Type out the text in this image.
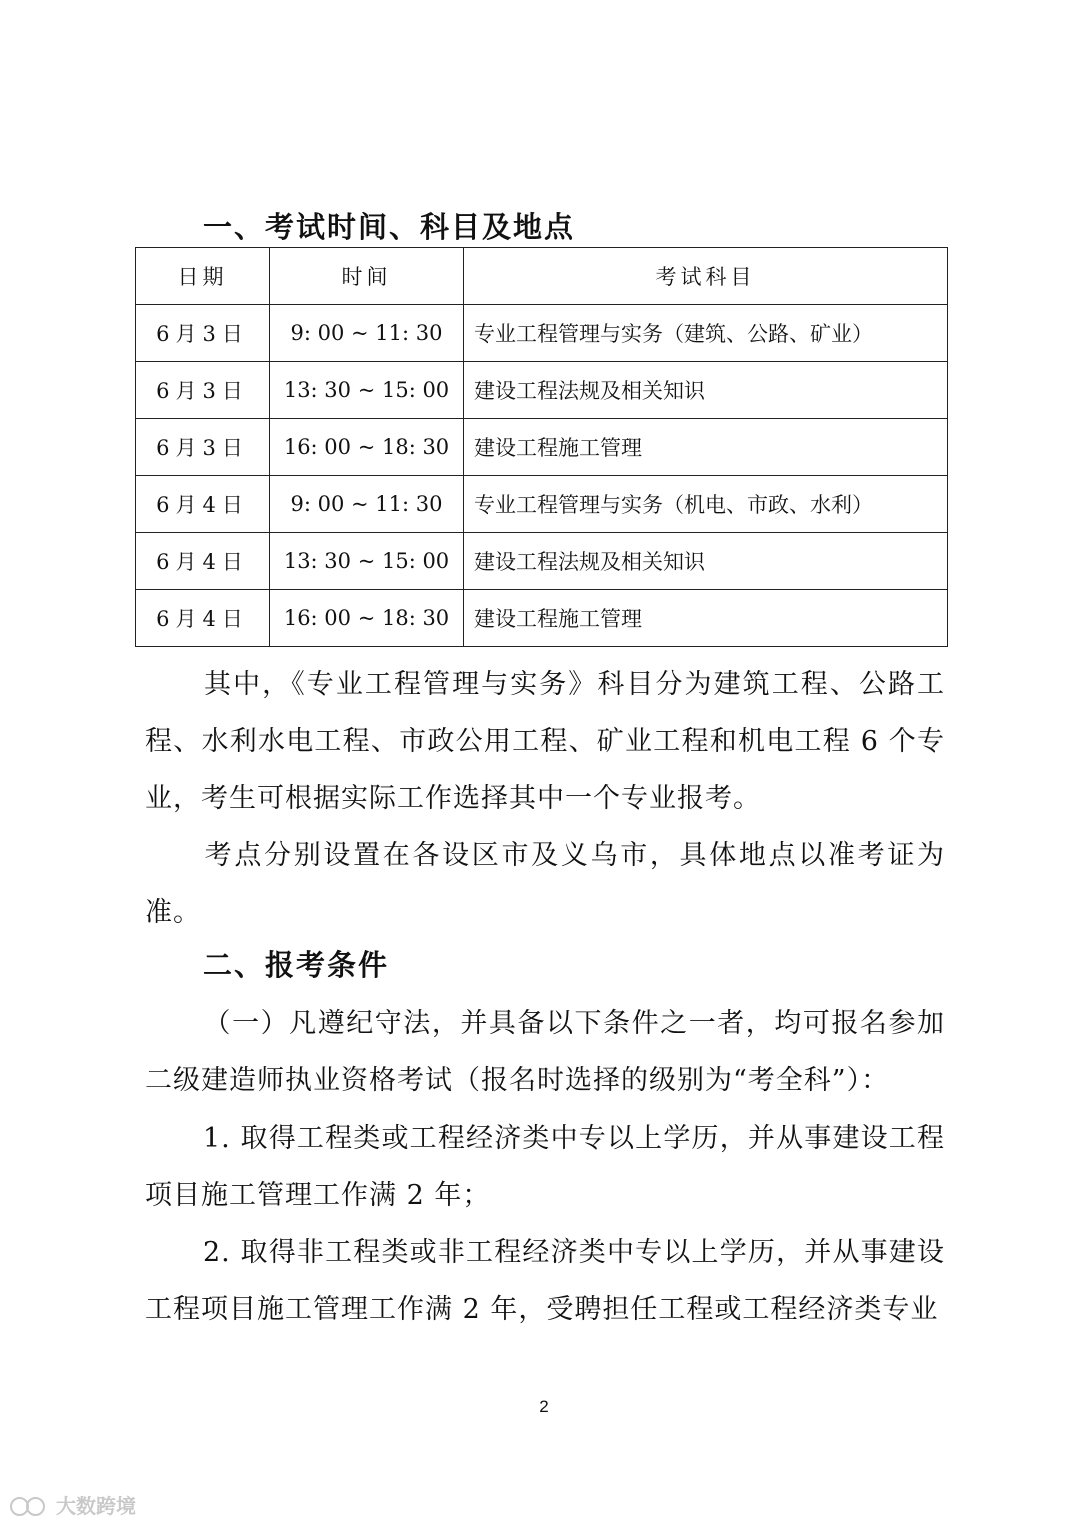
一、考试时间、科目及地点
日期	时间	考试科目
6月3日	9: 00 ~ 11: 30	专业工程管理与实务（建筑、公路、矿业）
6月3日	13: 30 ~ 15: 00	建设工程法规及相关知识
6月3日	16: 00 ~ 18: 30	建设工程施工管理
6月4日	9: 00 ~ 11: 30	专业工程管理与实务（机电、市政、水利）
6月4日	13: 30 ~ 15: 00	建设工程法规及相关知识
6月4日	16: 00 ~ 18: 30	建设工程施工管理

其中，《专业工程管理与实务》科目分为建筑工程、公路工程、水利水电工程、市政公用工程、矿业工程和机电工程 6 个专业，考生可根据实际工作选择其中一个专业报考。

考点分别设置在各设区市及义乌市，具体地点以准考证为准。

二、报考条件

（一）凡遵纪守法，并具备以下条件之一者，均可报名参加二级建造师执业资格考试（报名时选择的级别为“考全科”）：

1. 取得工程类或工程经济类中专以上学历，并从事建设工程项目施工管理工作满 2 年；

2. 取得非工程类或非工程经济类中专以上学历，并从事建设工程项目施工管理工作满 2 年，受聘担任工程或工程经济类专业

2

大数跨境
